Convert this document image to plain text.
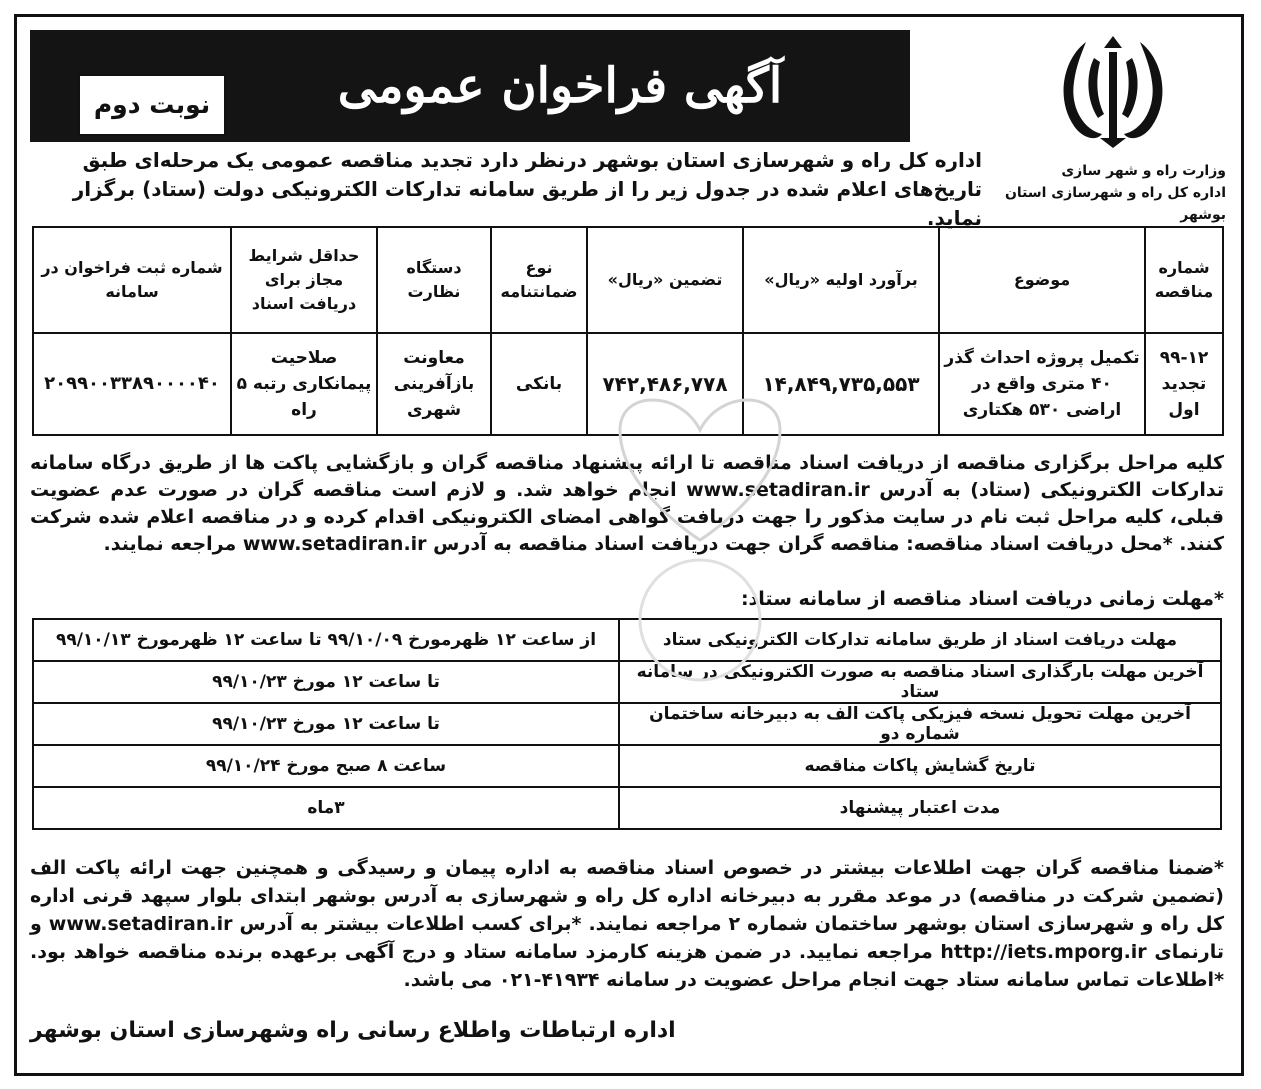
آگهی فراخوان عمومی
نوبت دوم
وزارت راه و شهر سازی
اداره کل راه و شهرسازی استان بوشهر
اداره کل راه و شهرسازی استان بوشهر درنظر دارد تجدید مناقصه عمومی یک مرحله‌ای طبق تاریخ‌های اعلام شده در جدول زیر را از طریق سامانه تدارکات الکترونیکی دولت (ستاد) برگزار نماید.
شماره مناقصه	موضوع	برآورد اولیه «ریال»	تضمین «ریال»	نوع ضمانتنامه	دستگاه نظارت	حداقل شرایط مجاز برای دریافت اسناد	شماره ثبت فراخوان در سامانه
۹۹-۱۲ تجدید اول	تکمیل پروژه احداث گذر ۴۰ متری واقع در اراضی ۵۳۰ هکتاری	۱۴,۸۴۹,۷۳۵,۵۵۳	۷۴۲,۴۸۶,۷۷۸	بانکی	معاونت بازآفرینی شهری	صلاحیت پیمانکاری رتبه ۵ راه	۲۰۹۹۰۰۳۳۸۹۰۰۰۰۴۰
کلیه مراحل برگزاری مناقصه از دریافت اسناد مناقصه تا ارائه پیشنهاد مناقصه گران و بازگشایی پاکت ها از طریق درگاه سامانه تدارکات الکترونیکی (ستاد) به آدرس www.setadiran.ir انجام خواهد شد. و لازم است مناقصه گران در صورت عدم عضویت قبلی، کلیه مراحل ثبت نام در سایت مذکور را جهت دریافت گواهی امضای الکترونیکی اقدام کرده و در مناقصه اعلام شده شرکت کنند. *محل دریافت اسناد مناقصه: مناقصه گران جهت دریافت اسناد مناقصه به آدرس www.setadiran.ir مراجعه نمایند.
*مهلت زمانی دریافت اسناد مناقصه از سامانه ستاد:
مهلت دریافت اسناد از طریق سامانه تدارکات الکترونیکی ستاد	از ساعت ۱۲ ظهرمورخ ۹۹/۱۰/۰۹ تا ساعت ۱۲ ظهرمورخ ۹۹/۱۰/۱۳
آخرین مهلت بارگذاری اسناد مناقصه به صورت الکترونیکی در سامانه ستاد	تا ساعت ۱۲ مورخ ۹۹/۱۰/۲۳
آخرین مهلت تحویل نسخه فیزیکی پاکت الف به دبیرخانه ساختمان شماره دو	تا ساعت ۱۲ مورخ ۹۹/۱۰/۲۳
تاریخ گشایش پاکات مناقصه	ساعت ۸ صبح مورخ ۹۹/۱۰/۲۴
مدت اعتبار پیشنهاد	۳ماه
*ضمنا مناقصه گران جهت اطلاعات بیشتر در خصوص اسناد مناقصه به اداره پیمان و رسیدگی و همچنین جهت ارائه پاکت الف (تضمین شرکت در مناقصه) در موعد مقرر به دبیرخانه اداره کل راه و شهرسازی به آدرس بوشهر ابتدای بلوار سپهد قرنی اداره کل راه و شهرسازی استان بوشهر ساختمان شماره ۲ مراجعه نمایند. *برای کسب اطلاعات بیشتر به آدرس www.setadiran.ir و تارنمای http://iets.mporg.ir مراجعه نمایید. در ضمن هزینه کارمزد سامانه ستاد و درج آگهی برعهده برنده مناقصه خواهد بود. *اطلاعات تماس سامانه ستاد جهت انجام مراحل عضویت در سامانه ۴۱۹۳۴-۰۲۱ می باشد.
اداره ارتباطات واطلاع رسانی راه وشهرسازی استان بوشهر
